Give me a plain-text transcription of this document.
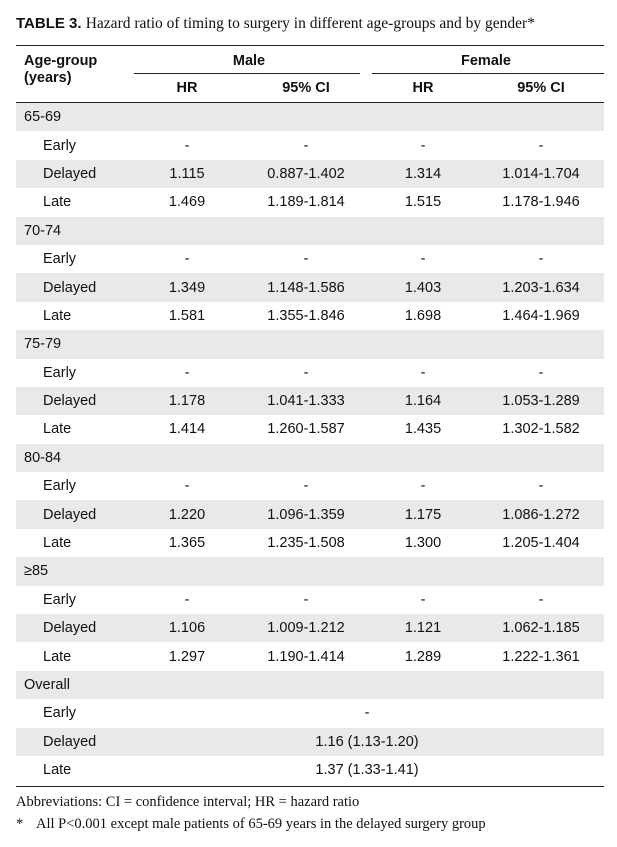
TABLE 3. Hazard ratio of timing to surgery in different age-groups and by gender*
Age-group
(years)	Male		Female	

	HR	95% CI	HR	95% CI

65-69				
Early	-	-	-	-
Delayed	1.115	0.887-1.402	1.314	1.014-1.704
Late	1.469	1.189-1.814	1.515	1.178-1.946
70-74				
Early	-	-	-	-
Delayed	1.349	1.148-1.586	1.403	1.203-1.634
Late	1.581	1.355-1.846	1.698	1.464-1.969
75-79				
Early	-	-	-	-
Delayed	1.178	1.041-1.333	1.164	1.053-1.289
Late	1.414	1.260-1.587	1.435	1.302-1.582
80-84				
Early	-	-	-	-
Delayed	1.220	1.096-1.359	1.175	1.086-1.272
Late	1.365	1.235-1.508	1.300	1.205-1.404
≥85				
Early	-	-	-	-
Delayed	1.106	1.009-1.212	1.121	1.062-1.185
Late	1.297	1.190-1.414	1.289	1.222-1.361
Overall				
Early	-			
Delayed	1.16 (1.13-1.20)			
Late	1.37 (1.33-1.41)			
Abbreviations: CI = confidence interval; HR = hazard ratio
* All P<0.001 except male patients of 65-69 years in the delayed surgery group
